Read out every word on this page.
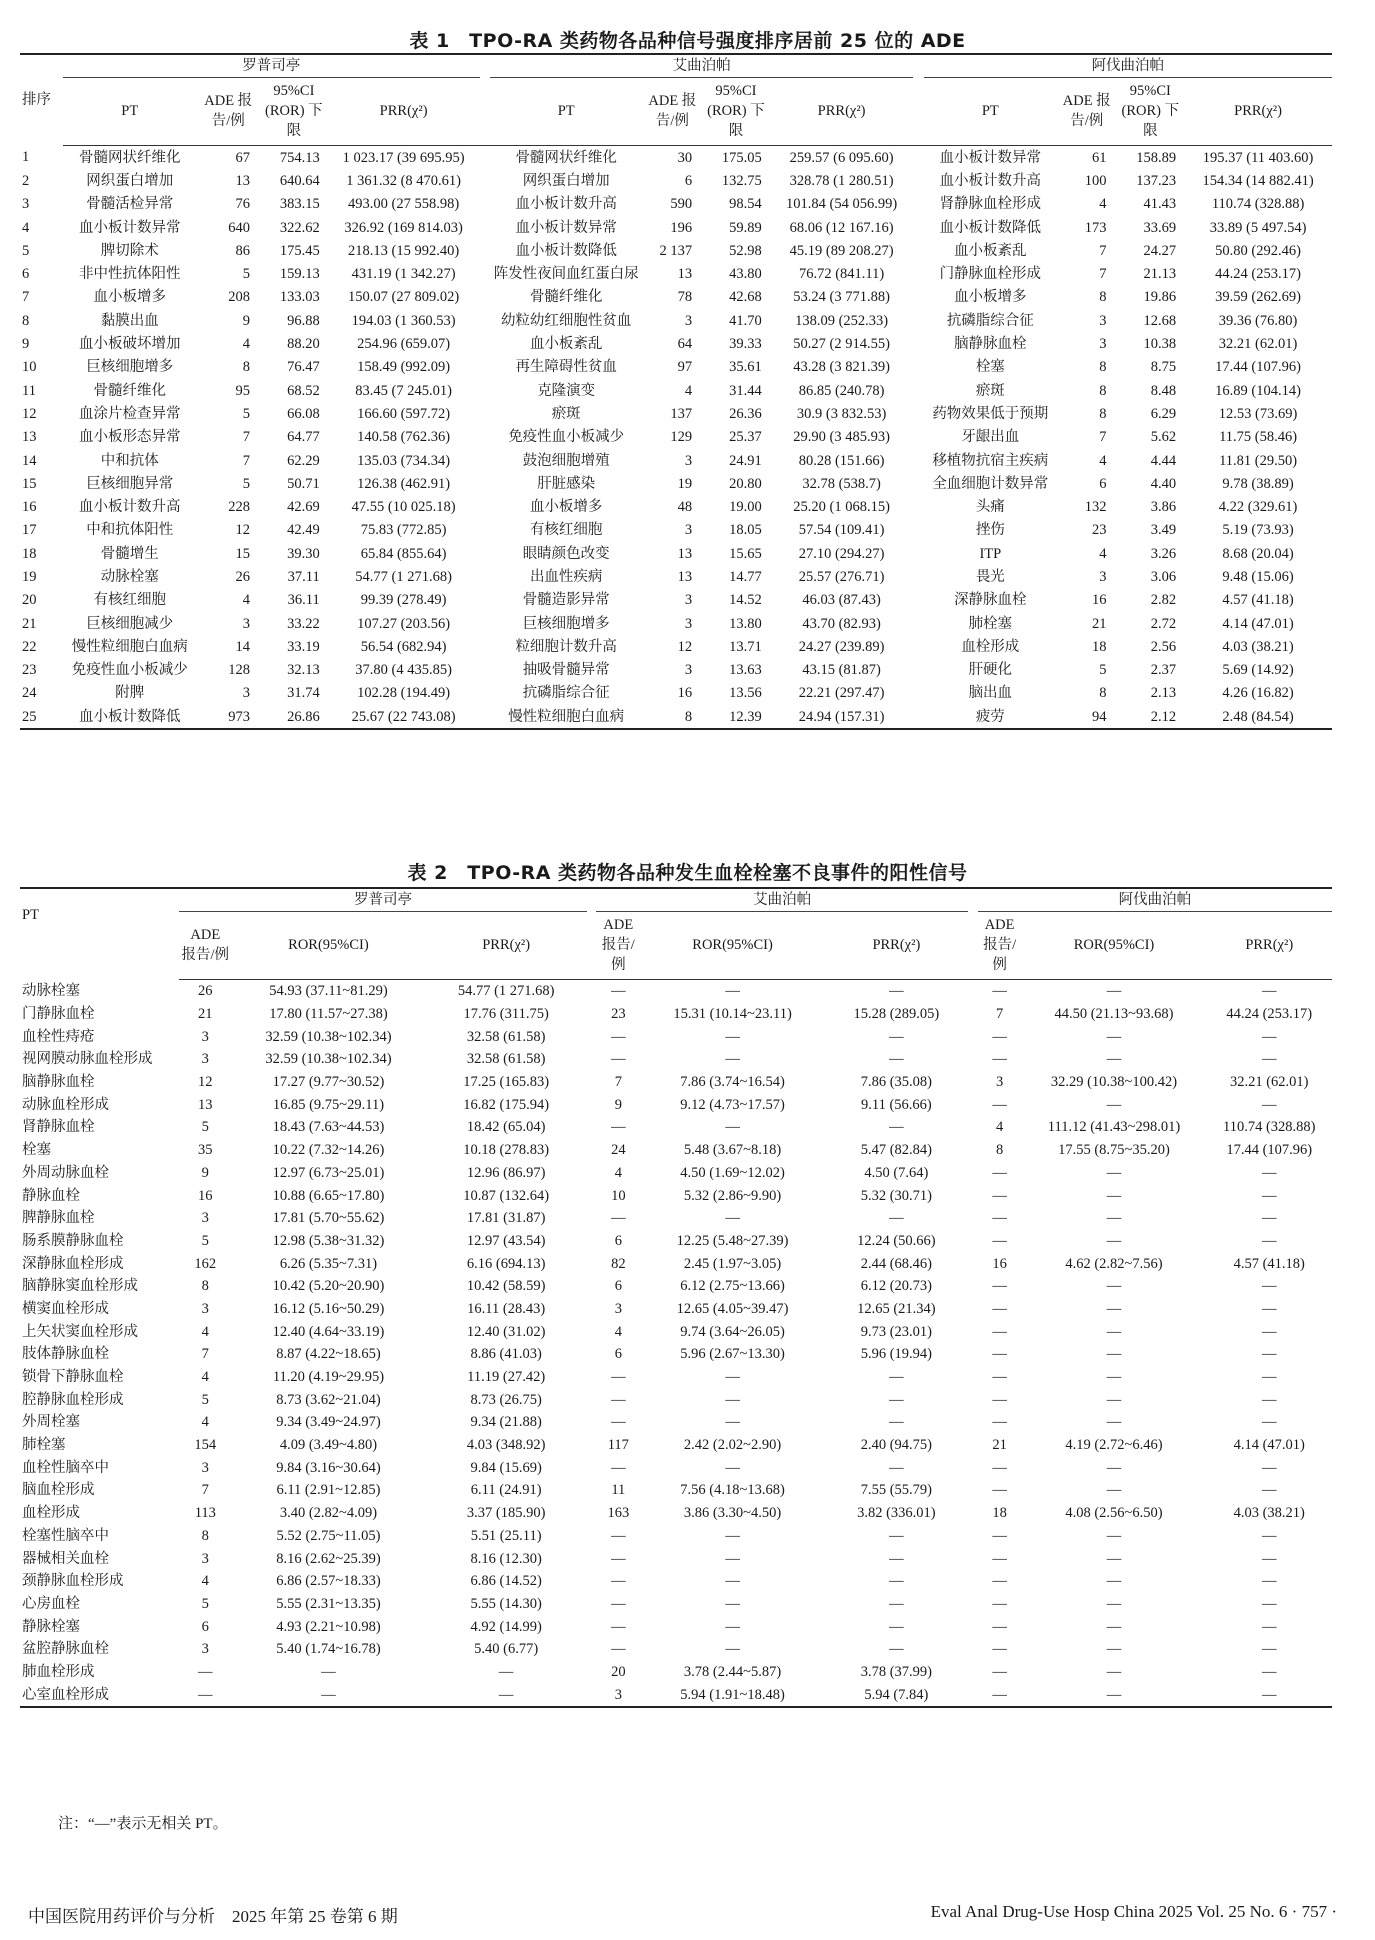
表 1　TPO-RA 类药物各品种信号强度排序居前 25 位的 ADE
排序	罗普司亭					艾曲泊帕					阿伐曲泊帕			
	PT	ADE 报告/例	95%CI (ROR) 下限	PRR(χ²)		PT	ADE 报告/例	95%CI (ROR) 下限	PRR(χ²)		PT	ADE 报告/例	95%CI (ROR) 下限	PRR(χ²)
1	骨髓网状纤维化	67	754.13	1 023.17 (39 695.95)		骨髓网状纤维化	30	175.05	259.57 (6 095.60)		血小板计数异常	61	158.89	195.37 (11 403.60)
2	网织蛋白增加	13	640.64	1 361.32 (8 470.61)		网织蛋白增加	6	132.75	328.78 (1 280.51)		血小板计数升高	100	137.23	154.34 (14 882.41)
3	骨髓活检异常	76	383.15	493.00 (27 558.98)		血小板计数升高	590	98.54	101.84 (54 056.99)		肾静脉血栓形成	4	41.43	110.74 (328.88)
4	血小板计数异常	640	322.62	326.92 (169 814.03)		血小板计数异常	196	59.89	68.06 (12 167.16)		血小板计数降低	173	33.69	33.89 (5 497.54)
5	脾切除术	86	175.45	218.13 (15 992.40)		血小板计数降低	2 137	52.98	45.19 (89 208.27)		血小板紊乱	7	24.27	50.80 (292.46)
6	非中性抗体阳性	5	159.13	431.19 (1 342.27)		阵发性夜间血红蛋白尿	13	43.80	76.72 (841.11)		门静脉血栓形成	7	21.13	44.24 (253.17)
7	血小板增多	208	133.03	150.07 (27 809.02)		骨髓纤维化	78	42.68	53.24 (3 771.88)		血小板增多	8	19.86	39.59 (262.69)
8	黏膜出血	9	96.88	194.03 (1 360.53)		幼粒幼红细胞性贫血	3	41.70	138.09 (252.33)		抗磷脂综合征	3	12.68	39.36 (76.80)
9	血小板破坏增加	4	88.20	254.96 (659.07)		血小板紊乱	64	39.33	50.27 (2 914.55)		脑静脉血栓	3	10.38	32.21 (62.01)
10	巨核细胞增多	8	76.47	158.49 (992.09)		再生障碍性贫血	97	35.61	43.28 (3 821.39)		栓塞	8	8.75	17.44 (107.96)
11	骨髓纤维化	95	68.52	83.45 (7 245.01)		克隆演变	4	31.44	86.85 (240.78)		瘀斑	8	8.48	16.89 (104.14)
12	血涂片检查异常	5	66.08	166.60 (597.72)		瘀斑	137	26.36	30.9 (3 832.53)		药物效果低于预期	8	6.29	12.53 (73.69)
13	血小板形态异常	7	64.77	140.58 (762.36)		免疫性血小板减少	129	25.37	29.90 (3 485.93)		牙龈出血	7	5.62	11.75 (58.46)
14	中和抗体	7	62.29	135.03 (734.34)		鼓泡细胞增殖	3	24.91	80.28 (151.66)		移植物抗宿主疾病	4	4.44	11.81 (29.50)
15	巨核细胞异常	5	50.71	126.38 (462.91)		肝脏感染	19	20.80	32.78 (538.7)		全血细胞计数异常	6	4.40	9.78 (38.89)
16	血小板计数升高	228	42.69	47.55 (10 025.18)		血小板增多	48	19.00	25.20 (1 068.15)		头痛	132	3.86	4.22 (329.61)
17	中和抗体阳性	12	42.49	75.83 (772.85)		有核红细胞	3	18.05	57.54 (109.41)		挫伤	23	3.49	5.19 (73.93)
18	骨髓增生	15	39.30	65.84 (855.64)		眼睛颜色改变	13	15.65	27.10 (294.27)		ITP	4	3.26	8.68 (20.04)
19	动脉栓塞	26	37.11	54.77 (1 271.68)		出血性疾病	13	14.77	25.57 (276.71)		畏光	3	3.06	9.48 (15.06)
20	有核红细胞	4	36.11	99.39 (278.49)		骨髓造影异常	3	14.52	46.03 (87.43)		深静脉血栓	16	2.82	4.57 (41.18)
21	巨核细胞减少	3	33.22	107.27 (203.56)		巨核细胞增多	3	13.80	43.70 (82.93)		肺栓塞	21	2.72	4.14 (47.01)
22	慢性粒细胞白血病	14	33.19	56.54 (682.94)		粒细胞计数升高	12	13.71	24.27 (239.89)		血栓形成	18	2.56	4.03 (38.21)
23	免疫性血小板减少	128	32.13	37.80 (4 435.85)		抽吸骨髓异常	3	13.63	43.15 (81.87)		肝硬化	5	2.37	5.69 (14.92)
24	附脾	3	31.74	102.28 (194.49)		抗磷脂综合征	16	13.56	22.21 (297.47)		脑出血	8	2.13	4.26 (16.82)
25	血小板计数降低	973	26.86	25.67 (22 743.08)		慢性粒细胞白血病	8	12.39	24.94 (157.31)		疲劳	94	2.12	2.48 (84.54)
表 2　TPO-RA 类药物各品种发生血栓栓塞不良事件的阳性信号
PT	罗普司亭				艾曲泊帕				阿伐曲泊帕		
	ADE 报告/例	ROR(95%CI)	PRR(χ²)		ADE 报告/例	ROR(95%CI)	PRR(χ²)		ADE 报告/例	ROR(95%CI)	PRR(χ²)
动脉栓塞	26	54.93 (37.11~81.29)	54.77 (1 271.68)		—	—	—		—	—	—
门静脉血栓	21	17.80 (11.57~27.38)	17.76 (311.75)		23	15.31 (10.14~23.11)	15.28 (289.05)		7	44.50 (21.13~93.68)	44.24 (253.17)
血栓性痔疮	3	32.59 (10.38~102.34)	32.58 (61.58)		—	—	—		—	—	—
视网膜动脉血栓形成	3	32.59 (10.38~102.34)	32.58 (61.58)		—	—	—		—	—	—
脑静脉血栓	12	17.27 (9.77~30.52)	17.25 (165.83)		7	7.86 (3.74~16.54)	7.86 (35.08)		3	32.29 (10.38~100.42)	32.21 (62.01)
动脉血栓形成	13	16.85 (9.75~29.11)	16.82 (175.94)		9	9.12 (4.73~17.57)	9.11 (56.66)		—	—	—
肾静脉血栓	5	18.43 (7.63~44.53)	18.42 (65.04)		—	—	—		4	111.12 (41.43~298.01)	110.74 (328.88)
栓塞	35	10.22 (7.32~14.26)	10.18 (278.83)		24	5.48 (3.67~8.18)	5.47 (82.84)		8	17.55 (8.75~35.20)	17.44 (107.96)
外周动脉血栓	9	12.97 (6.73~25.01)	12.96 (86.97)		4	4.50 (1.69~12.02)	4.50 (7.64)		—	—	—
静脉血栓	16	10.88 (6.65~17.80)	10.87 (132.64)		10	5.32 (2.86~9.90)	5.32 (30.71)		—	—	—
脾静脉血栓	3	17.81 (5.70~55.62)	17.81 (31.87)		—	—	—		—	—	—
肠系膜静脉血栓	5	12.98 (5.38~31.32)	12.97 (43.54)		6	12.25 (5.48~27.39)	12.24 (50.66)		—	—	—
深静脉血栓形成	162	6.26 (5.35~7.31)	6.16 (694.13)		82	2.45 (1.97~3.05)	2.44 (68.46)		16	4.62 (2.82~7.56)	4.57 (41.18)
脑静脉窦血栓形成	8	10.42 (5.20~20.90)	10.42 (58.59)		6	6.12 (2.75~13.66)	6.12 (20.73)		—	—	—
横窦血栓形成	3	16.12 (5.16~50.29)	16.11 (28.43)		3	12.65 (4.05~39.47)	12.65 (21.34)		—	—	—
上矢状窦血栓形成	4	12.40 (4.64~33.19)	12.40 (31.02)		4	9.74 (3.64~26.05)	9.73 (23.01)		—	—	—
肢体静脉血栓	7	8.87 (4.22~18.65)	8.86 (41.03)		6	5.96 (2.67~13.30)	5.96 (19.94)		—	—	—
锁骨下静脉血栓	4	11.20 (4.19~29.95)	11.19 (27.42)		—	—	—		—	—	—
腔静脉血栓形成	5	8.73 (3.62~21.04)	8.73 (26.75)		—	—	—		—	—	—
外周栓塞	4	9.34 (3.49~24.97)	9.34 (21.88)		—	—	—		—	—	—
肺栓塞	154	4.09 (3.49~4.80)	4.03 (348.92)		117	2.42 (2.02~2.90)	2.40 (94.75)		21	4.19 (2.72~6.46)	4.14 (47.01)
血栓性脑卒中	3	9.84 (3.16~30.64)	9.84 (15.69)		—	—	—		—	—	—
脑血栓形成	7	6.11 (2.91~12.85)	6.11 (24.91)		11	7.56 (4.18~13.68)	7.55 (55.79)		—	—	—
血栓形成	113	3.40 (2.82~4.09)	3.37 (185.90)		163	3.86 (3.30~4.50)	3.82 (336.01)		18	4.08 (2.56~6.50)	4.03 (38.21)
栓塞性脑卒中	8	5.52 (2.75~11.05)	5.51 (25.11)		—	—	—		—	—	—
器械相关血栓	3	8.16 (2.62~25.39)	8.16 (12.30)		—	—	—		—	—	—
颈静脉血栓形成	4	6.86 (2.57~18.33)	6.86 (14.52)		—	—	—		—	—	—
心房血栓	5	5.55 (2.31~13.35)	5.55 (14.30)		—	—	—		—	—	—
静脉栓塞	6	4.93 (2.21~10.98)	4.92 (14.99)		—	—	—		—	—	—
盆腔静脉血栓	3	5.40 (1.74~16.78)	5.40 (6.77)		—	—	—		—	—	—
肺血栓形成	—	—	—		20	3.78 (2.44~5.87)	3.78 (37.99)		—	—	—
心室血栓形成	—	—	—		3	5.94 (1.91~18.48)	5.94 (7.84)		—	—	—
注：“—”表示无相关 PT。
中国医院用药评价与分析　2025 年第 25 卷第 6 期	Eval Anal Drug-Use Hosp China 2025 Vol. 25 No. 6 · 757 ·
